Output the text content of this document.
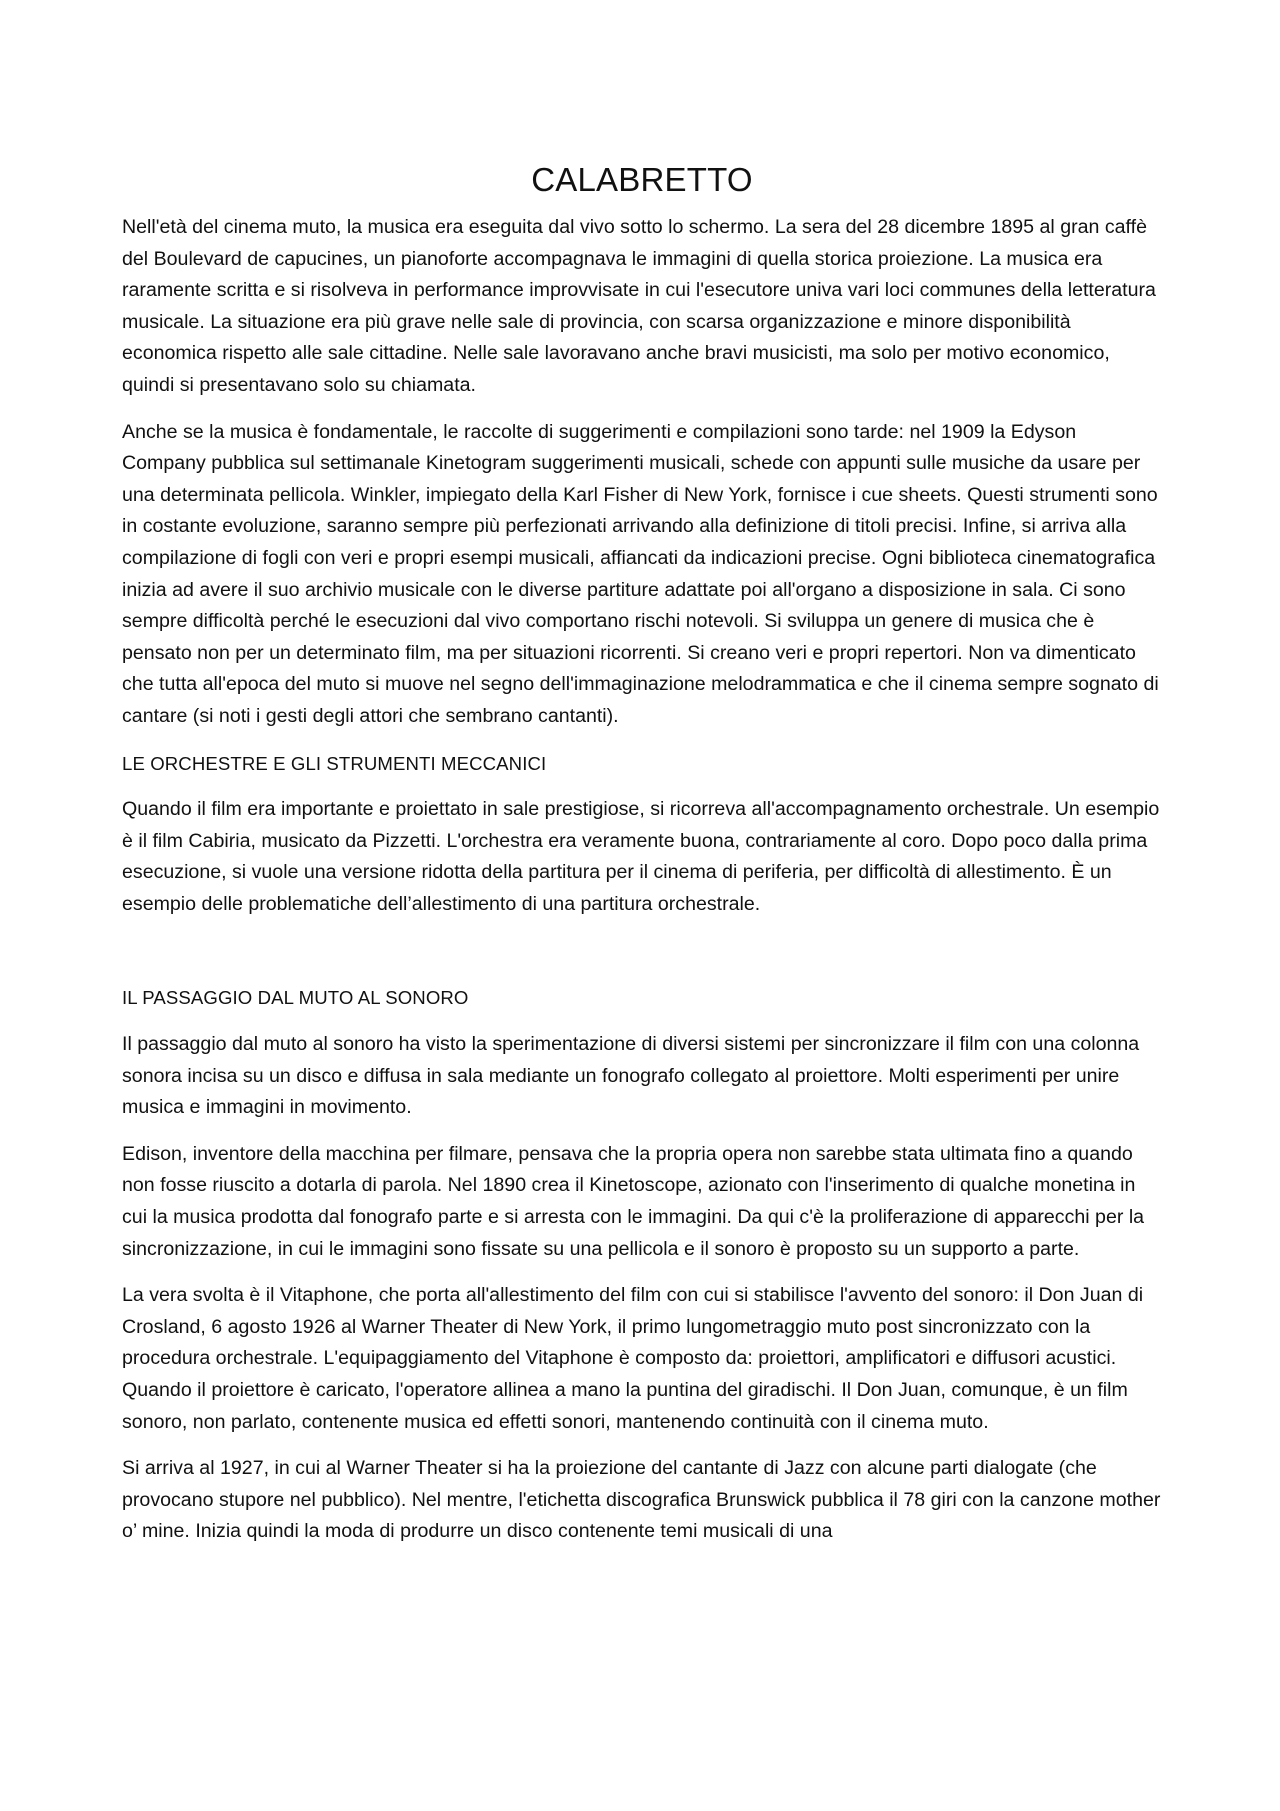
CALABRETTO

Nell'età del cinema muto, la musica era eseguita dal vivo sotto lo schermo. La sera del 28 dicembre 1895 al gran caffè del Boulevard de capucines, un pianoforte accompagnava le immagini di quella storica proiezione. La musica era raramente scritta e si risolveva in performance improvvisate in cui l'esecutore univa vari loci communes della letteratura musicale. La situazione era più grave nelle sale di provincia, con scarsa organizzazione e minore disponibilità economica rispetto alle sale cittadine. Nelle sale lavoravano anche bravi musicisti, ma solo per motivo economico, quindi si presentavano solo su chiamata.

Anche se la musica è fondamentale, le raccolte di suggerimenti e compilazioni sono tarde: nel 1909 la Edyson Company pubblica sul settimanale Kinetogram suggerimenti musicali, schede con appunti sulle musiche da usare per una determinata pellicola. Winkler, impiegato della Karl Fisher di New York, fornisce i cue sheets. Questi strumenti sono in costante evoluzione, saranno sempre più perfezionati arrivando alla definizione di titoli precisi. Infine, si arriva alla compilazione di fogli con veri e propri esempi musicali, affiancati da indicazioni precise. Ogni biblioteca cinematografica inizia ad avere il suo archivio musicale con le diverse partiture adattate poi all'organo a disposizione in sala. Ci sono sempre difficoltà perché le esecuzioni dal vivo comportano rischi notevoli. Si sviluppa un genere di musica che è pensato non per un determinato film, ma per situazioni ricorrenti. Si creano veri e propri repertori. Non va dimenticato che tutta all'epoca del muto si muove nel segno dell'immaginazione melodrammatica e che il cinema sempre sognato di cantare (si noti i gesti degli attori che sembrano cantanti).

LE ORCHESTRE E GLI STRUMENTI MECCANICI

Quando il film era importante e proiettato in sale prestigiose, si ricorreva all'accompagnamento orchestrale. Un esempio è il film Cabiria, musicato da Pizzetti. L'orchestra era veramente buona, contrariamente al coro. Dopo poco dalla prima esecuzione, si vuole una versione ridotta della partitura per il cinema di periferia, per difficoltà di allestimento. È un esempio delle problematiche dell’allestimento di una partitura orchestrale.

IL PASSAGGIO DAL MUTO AL SONORO

Il passaggio dal muto al sonoro ha visto la sperimentazione di diversi sistemi per sincronizzare il film con una colonna sonora incisa su un disco e diffusa in sala mediante un fonografo collegato al proiettore. Molti esperimenti per unire musica e immagini in movimento.

Edison, inventore della macchina per filmare, pensava che la propria opera non sarebbe stata ultimata fino a quando non fosse riuscito a dotarla di parola. Nel 1890 crea il Kinetoscope, azionato con l'inserimento di qualche monetina in cui la musica prodotta dal fonografo parte e si arresta con le immagini. Da qui c'è la proliferazione di apparecchi per la sincronizzazione, in cui le immagini sono fissate su una pellicola e il sonoro è proposto su un supporto a parte.

La vera svolta è il Vitaphone, che porta all'allestimento del film con cui si stabilisce l'avvento del sonoro: il Don Juan di Crosland, 6 agosto 1926 al Warner Theater di New York, il primo lungometraggio muto post sincronizzato con la procedura orchestrale. L'equipaggiamento del Vitaphone è composto da: proiettori, amplificatori e diffusori acustici. Quando il proiettore è caricato, l'operatore allinea a mano la puntina del giradischi. Il Don Juan, comunque, è un film sonoro, non parlato, contenente musica ed effetti sonori, mantenendo continuità con il cinema muto.

Si arriva al 1927, in cui al Warner Theater si ha la proiezione del cantante di Jazz con alcune parti dialogate (che provocano stupore nel pubblico). Nel mentre, l'etichetta discografica Brunswick pubblica il 78 giri con la canzone mother o’ mine. Inizia quindi la moda di produrre un disco contenente temi musicali di una
